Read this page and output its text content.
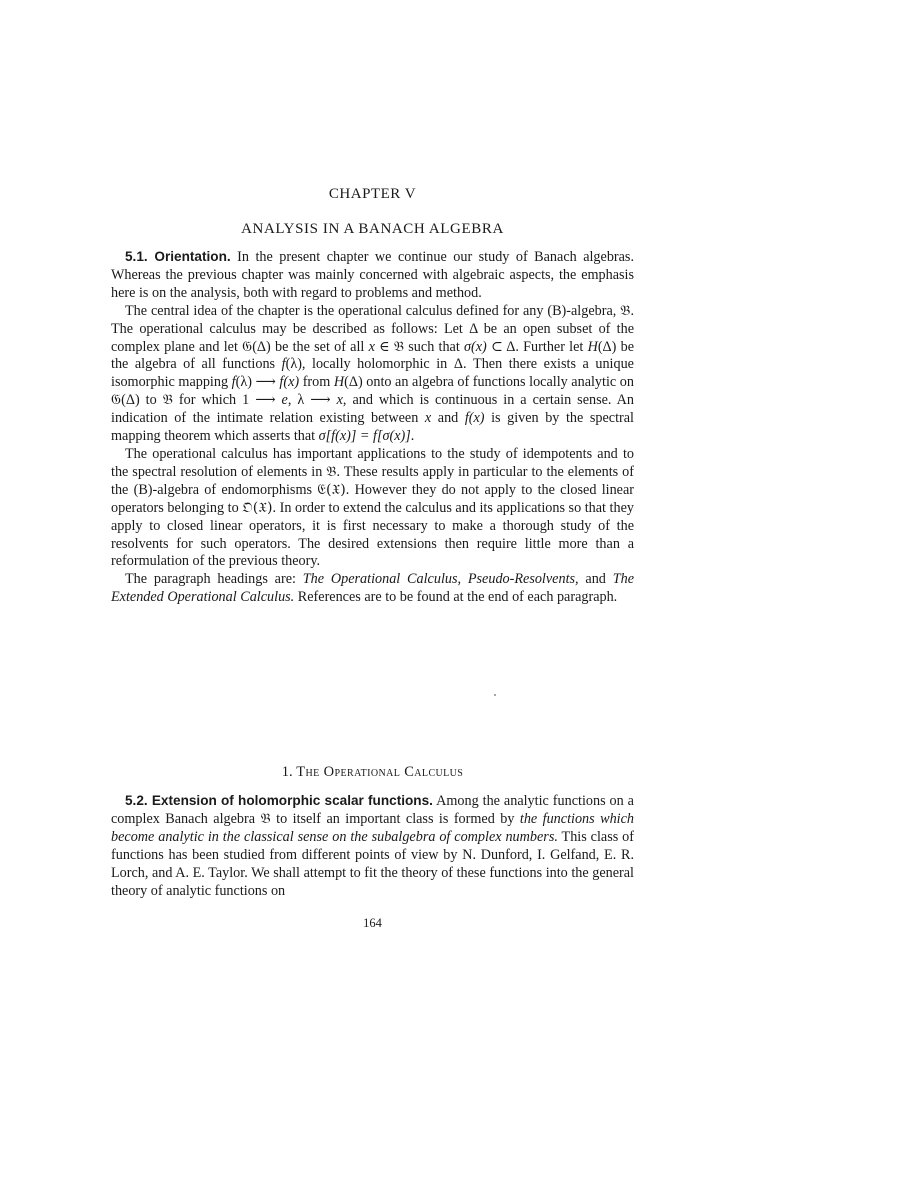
CHAPTER V
ANALYSIS IN A BANACH ALGEBRA

5.1. Orientation. In the present chapter we continue our study of Banach algebras. Whereas the previous chapter was mainly concerned with algebraic aspects, the emphasis here is on the analysis, both with regard to problems and method.

The central idea of the chapter is the operational calculus defined for any (B)-algebra, 𝔅. The operational calculus may be described as follows: Let Δ be an open subset of the complex plane and let 𝔊(Δ) be the set of all x ∈ 𝔅 such that σ(x) ⊂ Δ. Further let H(Δ) be the algebra of all functions f(λ), locally holomorphic in Δ. Then there exists a unique isomorphic mapping f(λ) ⟶ f(x) from H(Δ) onto an algebra of functions locally analytic on 𝔊(Δ) to 𝔅 for which 1 ⟶ e, λ ⟶ x, and which is continuous in a certain sense. An indication of the intimate relation existing between x and f(x) is given by the spectral mapping theorem which asserts that σ[f(x)] = f[σ(x)].

The operational calculus has important applications to the study of idempotents and to the spectral resolution of elements in 𝔅. These results apply in particular to the elements of the (B)-algebra of endomorphisms 𝔈(𝔛). However they do not apply to the closed linear operators belonging to 𝔒(𝔛). In order to extend the calculus and its applications so that they apply to closed linear operators, it is first necessary to make a thorough study of the resolvents for such operators. The desired extensions then require little more than a reformulation of the previous theory.

The paragraph headings are: The Operational Calculus, Pseudo-Resolvents, and The Extended Operational Calculus. References are to be found at the end of each paragraph.

1. The Operational Calculus

5.2. Extension of holomorphic scalar functions. Among the analytic functions on a complex Banach algebra 𝔅 to itself an important class is formed by the functions which become analytic in the classical sense on the subalgebra of complex numbers. This class of functions has been studied from different points of view by N. Dunford, I. Gelfand, E. R. Lorch, and A. E. Taylor. We shall attempt to fit the theory of these functions into the general theory of analytic functions on

164
